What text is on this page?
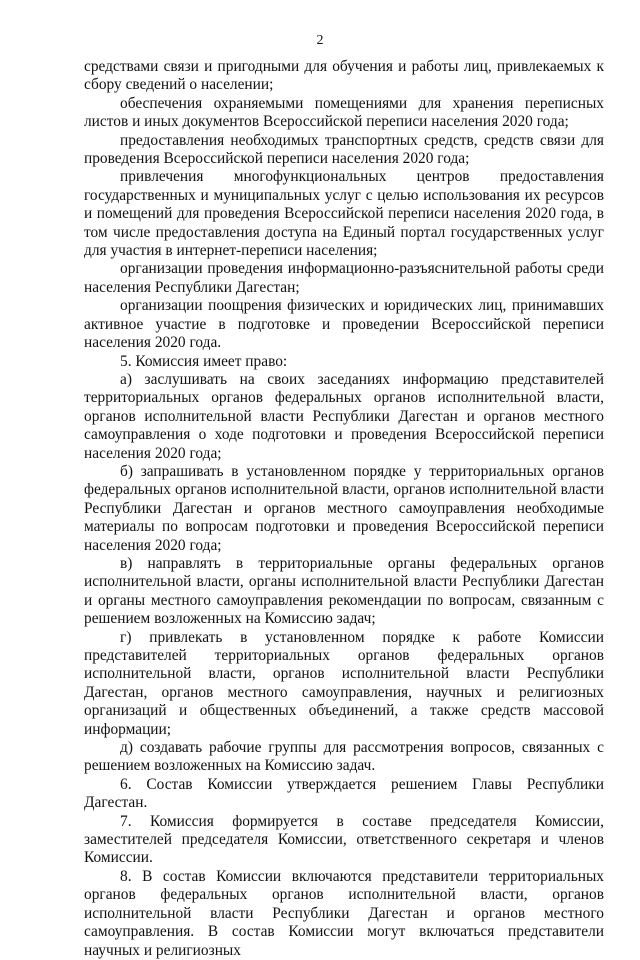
2

средствами связи и пригодными для обучения и работы лиц, привлекаемых к сбору сведений о населении;

обеспечения охраняемыми помещениями для хранения переписных листов и иных документов Всероссийской переписи населения 2020 года;

предоставления необходимых транспортных средств, средств связи для проведения Всероссийской переписи населения 2020 года;

привлечения многофункциональных центров предоставления государственных и муниципальных услуг с целью использования их ресурсов и помещений для проведения Всероссийской переписи населения 2020 года, в том числе предоставления доступа на Единый портал государственных услуг для участия в интернет-переписи населения;

организации проведения информационно-разъяснительной работы среди населения Республики Дагестан;

организации поощрения физических и юридических лиц, принимавших активное участие в подготовке и проведении Всероссийской переписи населения 2020 года.

5. Комиссия имеет право:

а) заслушивать на своих заседаниях информацию представителей территориальных органов федеральных органов исполнительной власти, органов исполнительной власти Республики Дагестан и органов местного самоуправления о ходе подготовки и проведения Всероссийской переписи населения 2020 года;

б) запрашивать в установленном порядке у территориальных органов федеральных органов исполнительной власти, органов исполнительной власти Республики Дагестан и органов местного самоуправления необходимые материалы по вопросам подготовки и проведения Всероссийской переписи населения 2020 года;

в) направлять в территориальные органы федеральных органов исполнительной власти, органы исполнительной власти Республики Дагестан и органы местного самоуправления рекомендации по вопросам, связанным с решением возложенных на Комиссию задач;

г) привлекать в установленном порядке к работе Комиссии представителей территориальных органов федеральных органов исполнительной власти, органов исполнительной власти Республики Дагестан, органов местного самоуправления, научных и религиозных организаций и общественных объединений, а также средств массовой информации;

д) создавать рабочие группы для рассмотрения вопросов, связанных с решением возложенных на Комиссию задач.

6. Состав Комиссии утверждается решением Главы Республики Дагестан.

7. Комиссия формируется в составе председателя Комиссии, заместителей председателя Комиссии, ответственного секретаря и членов Комиссии.

8. В состав Комиссии включаются представители территориальных органов федеральных органов исполнительной власти, органов исполнительной власти Республики Дагестан и органов местного самоуправления. В состав Комиссии могут включаться представители научных и религиозных
